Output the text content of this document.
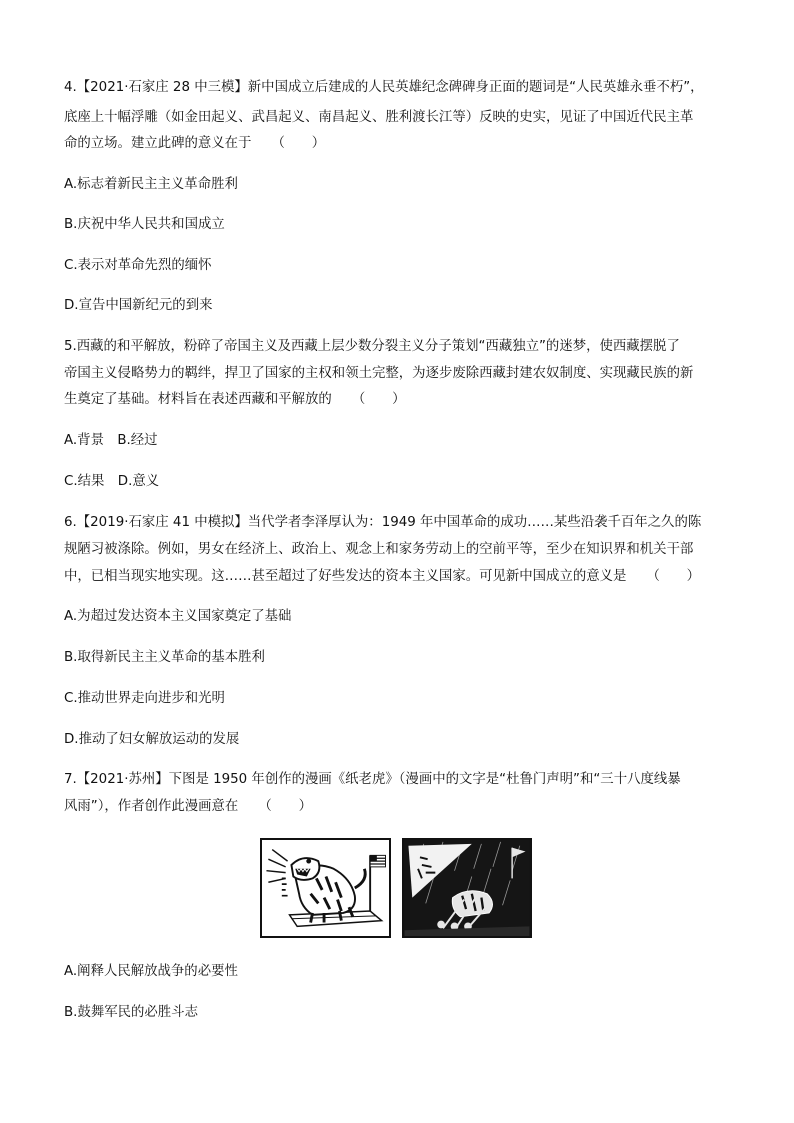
4.【2021·石家庄 28 中三模】新中国成立后建成的人民英雄纪念碑碑身正面的题词是“人民英雄永垂不朽”，
底座上十幅浮雕（如金田起义、武昌起义、南昌起义、胜利渡长江等）反映的史实，见证了中国近代民主革
命的立场。建立此碑的意义在于　　（　　）
A.标志着新民主主义革命胜利
B.庆祝中华人民共和国成立
C.表示对革命先烈的缅怀
D.宣告中国新纪元的到来
5.西藏的和平解放，粉碎了帝国主义及西藏上层少数分裂主义分子策划“西藏独立”的迷梦，使西藏摆脱了
帝国主义侵略势力的羁绊，捍卫了国家的主权和领土完整，为逐步废除西藏封建农奴制度、实现藏民族的新
生奠定了基础。材料旨在表述西藏和平解放的　　（　　）
A.背景　B.经过
C.结果　D.意义
6.【2019·石家庄 41 中模拟】当代学者李泽厚认为：1949 年中国革命的成功……某些沿袭千百年之久的陈
规陋习被涤除。例如，男女在经济上、政治上、观念上和家务劳动上的空前平等，至少在知识界和机关干部
中，已相当现实地实现。这……甚至超过了好些发达的资本主义国家。可见新中国成立的意义是　　（　　）
A.为超过发达资本主义国家奠定了基础
B.取得新民主主义革命的基本胜利
C.推动世界走向进步和光明
D.推动了妇女解放运动的发展
7.【2021·苏州】下图是 1950 年创作的漫画《纸老虎》（漫画中的文字是“杜鲁门声明”和“三十八度线暴
风雨”），作者创作此漫画意在　　（　　）
A.阐释人民解放战争的必要性
B.鼓舞军民的必胜斗志
